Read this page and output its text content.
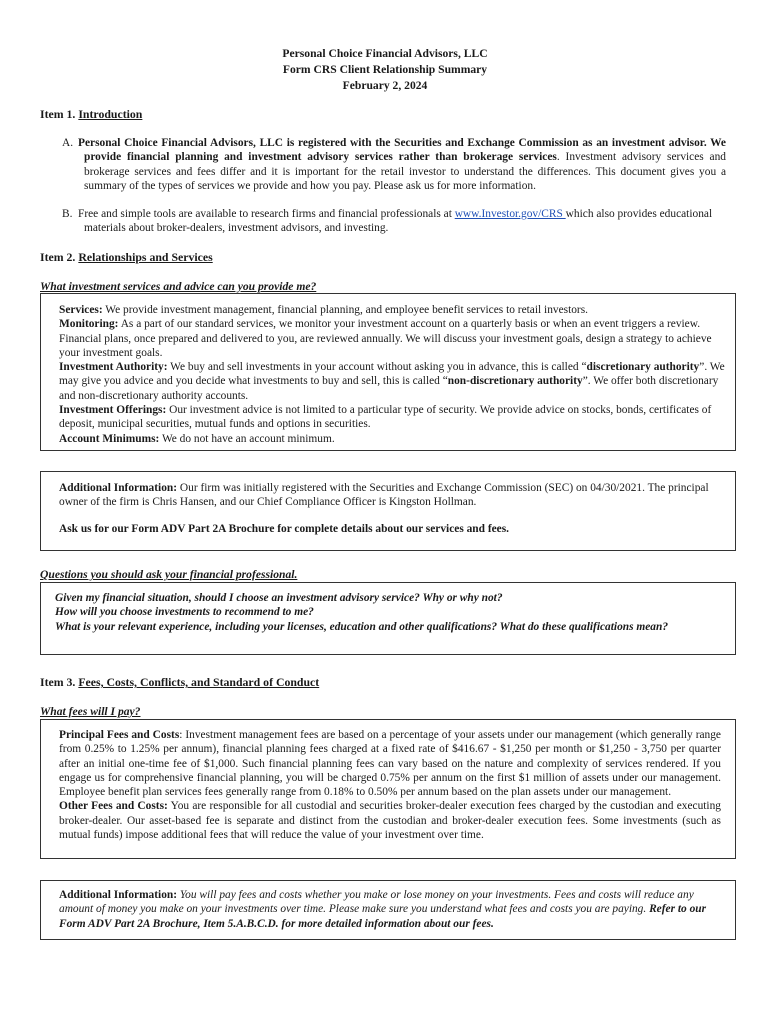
Personal Choice Financial Advisors, LLC
Form CRS Client Relationship Summary
February 2, 2024
Item 1. Introduction
A. Personal Choice Financial Advisors, LLC is registered with the Securities and Exchange Commission as an investment advisor. We provide financial planning and investment advisory services rather than brokerage services. Investment advisory services and brokerage services and fees differ and it is important for the retail investor to understand the differences. This document gives you a summary of the types of services we provide and how you pay. Please ask us for more information.
B. Free and simple tools are available to research firms and financial professionals at www.Investor.gov/CRS which also provides educational materials about broker-dealers, investment advisors, and investing.
Item 2. Relationships and Services
What investment services and advice can you provide me?

Services: We provide investment management, financial planning, and employee benefit services to retail investors.

Monitoring: As a part of our standard services, we monitor your investment account on a quarterly basis or when an event triggers a review. Financial plans, once prepared and delivered to you, are reviewed annually. We will discuss your investment goals, design a strategy to achieve your investment goals.

Investment Authority: We buy and sell investments in your account without asking you in advance, this is called “discretionary authority”. We may give you advice and you decide what investments to buy and sell, this is called “non-discretionary authority”. We offer both discretionary and non-discretionary authority accounts.

Investment Offerings: Our investment advice is not limited to a particular type of security. We provide advice on stocks, bonds, certificates of deposit, municipal securities, mutual funds and options in securities.

Account Minimums: We do not have an account minimum.

Additional Information: Our firm was initially registered with the Securities and Exchange Commission (SEC) on 04/30/2021. The principal owner of the firm is Chris Hansen, and our Chief Compliance Officer is Kingston Hollman.

Ask us for our Form ADV Part 2A Brochure for complete details about our services and fees.

Questions you should ask your financial professional.

Given my financial situation, should I choose an investment advisory service? Why or why not?

How will you choose investments to recommend to me?

What is your relevant experience, including your licenses, education and other qualifications? What do these qualifications mean?

Item 3. Fees, Costs, Conflicts, and Standard of Conduct
What fees will I pay?

Principal Fees and Costs: Investment management fees are based on a percentage of your assets under our management (which generally range from 0.25% to 1.25% per annum), financial planning fees charged at a fixed rate of $416.67 - $1,250 per month or $1,250 - 3,750 per quarter after an initial one-time fee of $1,000. Such financial planning fees can vary based on the nature and complexity of services rendered. If you engage us for comprehensive financial planning, you will be charged 0.75% per annum on the first $1 million of assets under our management. Employee benefit plan services fees generally range from 0.18% to 0.50% per annum based on the plan assets under our management.

Other Fees and Costs: You are responsible for all custodial and securities broker-dealer execution fees charged by the custodian and executing broker-dealer. Our asset-based fee is separate and distinct from the custodian and broker-dealer execution fees. Some investments (such as mutual funds) impose additional fees that will reduce the value of your investment over time.

Additional Information: You will pay fees and costs whether you make or lose money on your investments. Fees and costs will reduce any amount of money you make on your investments over time. Please make sure you understand what fees and costs you are paying. Refer to our Form ADV Part 2A Brochure, Item 5.A.B.C.D. for more detailed information about our fees.
